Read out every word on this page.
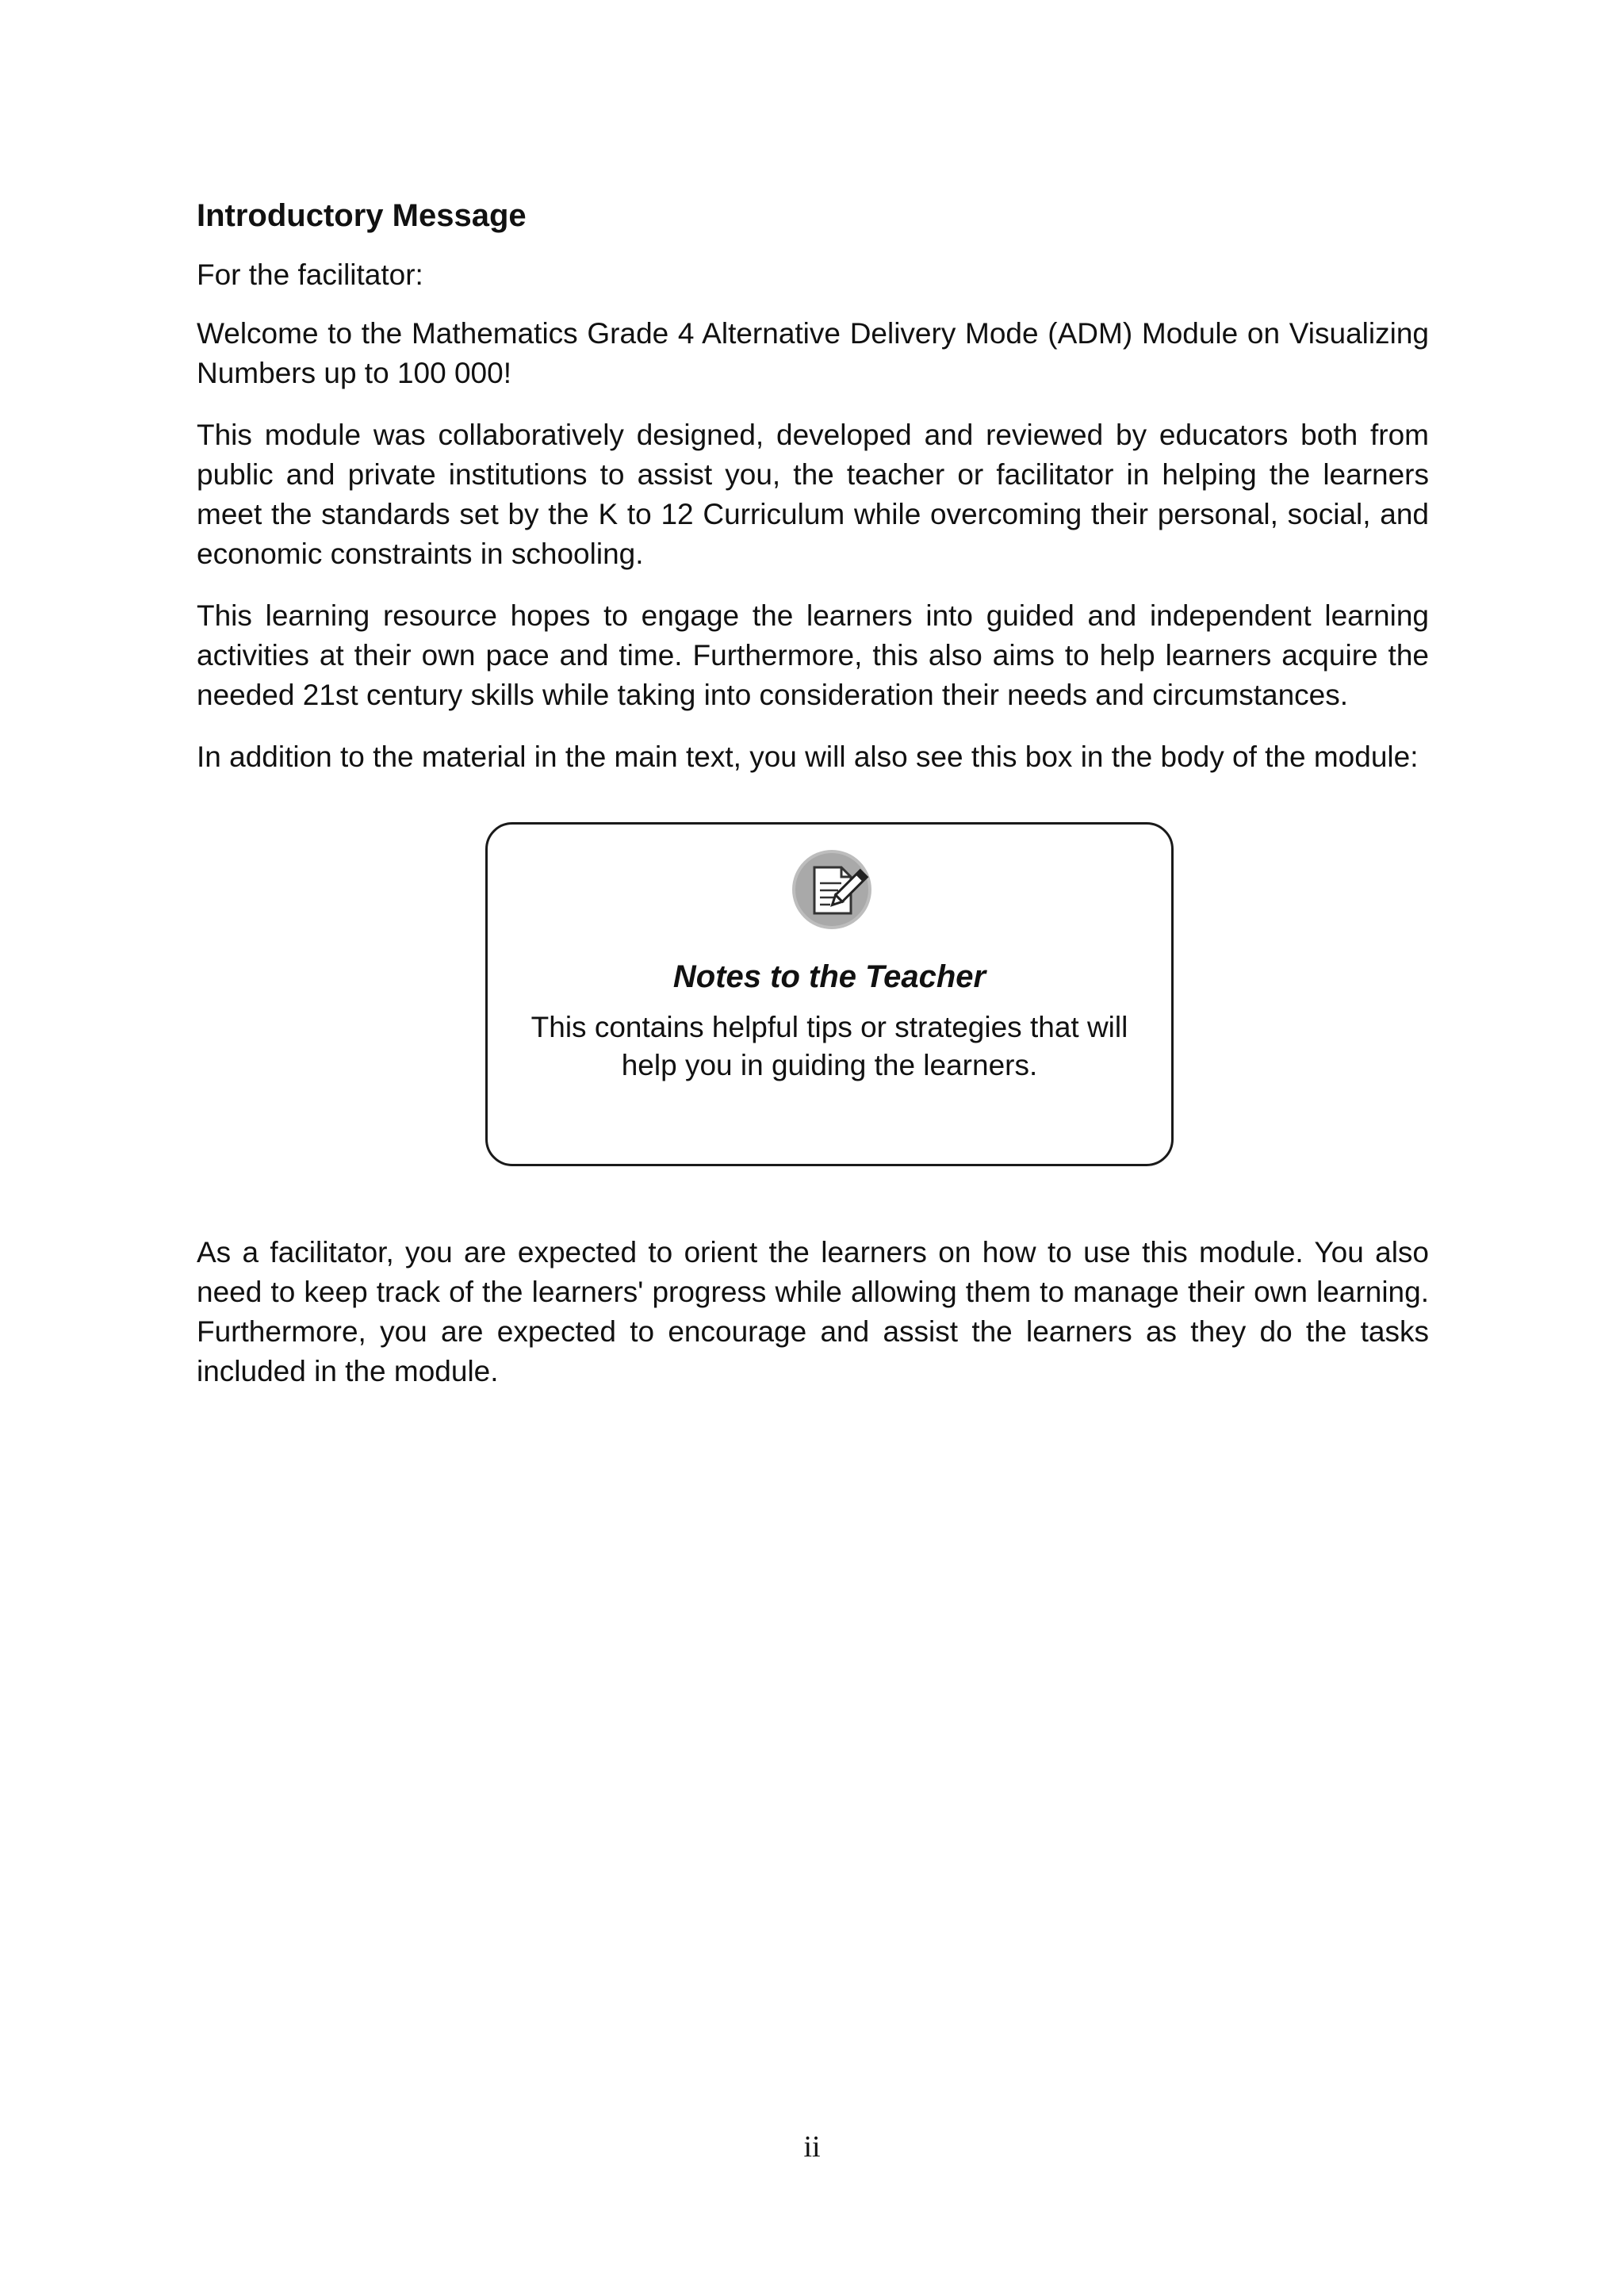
Introductory Message
For the facilitator:
Welcome to the Mathematics Grade 4 Alternative Delivery Mode (ADM) Module on Visualizing Numbers up to 100 000!
This module was collaboratively designed, developed and reviewed by educators both from public and private institutions to assist you, the teacher or facilitator in helping the learners meet the standards set by the K to 12 Curriculum while overcoming their personal, social, and economic constraints in schooling.
This learning resource hopes to engage the learners into guided and independent learning activities at their own pace and time. Furthermore, this also aims to help learners acquire the needed 21st century skills while taking into consideration their needs and circumstances.
In addition to the material in the main text, you will also see this box in the body of the module:
Notes to the Teacher
This contains helpful tips or strategies that will help you in guiding the learners.
As a facilitator, you are expected to orient the learners on how to use this module. You also need to keep track of the learners' progress while allowing them to manage their own learning. Furthermore, you are expected to encourage and assist the learners as they do the tasks included in the module.
ii
